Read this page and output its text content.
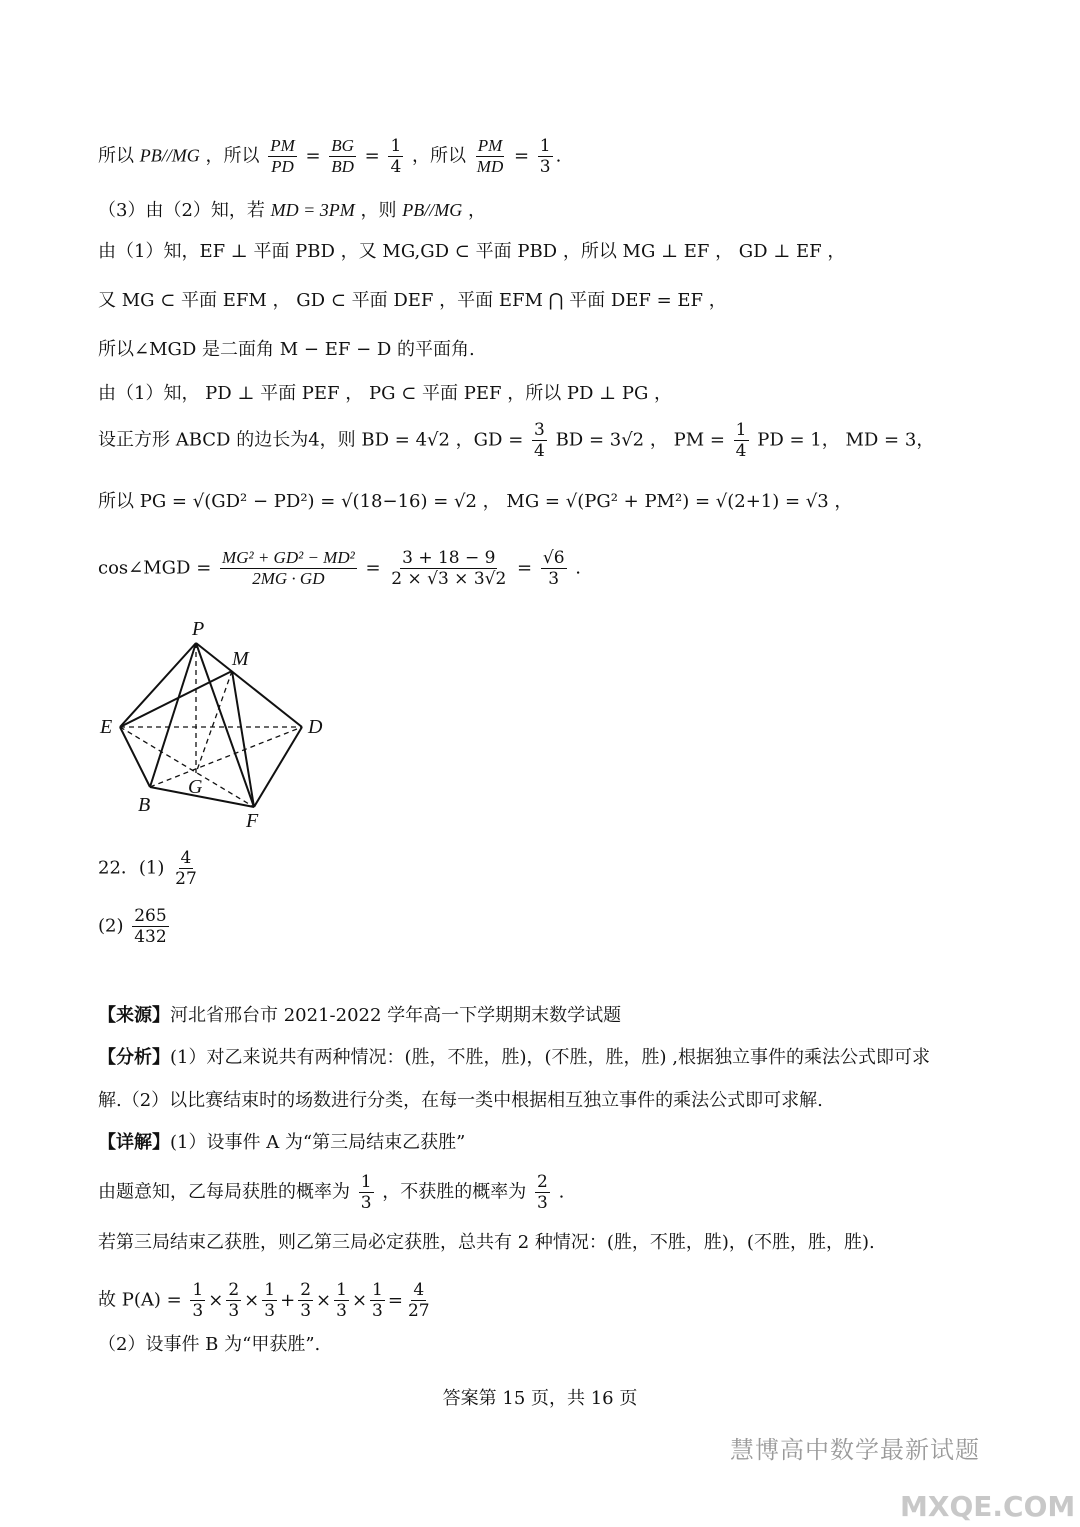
所以 PB//MG ，所以 $\frac{PM}{PD} = \frac{BG}{BD} = \frac{1}{4}$ ，所以 $\frac{PM}{MD} = \frac{1}{3}$ .
（3）由（2）知，若 MD = 3PM ，则 PB//MG ，
由（1）知，EF ⊥ 平面 PBD ，又 MG,GD ⊂ 平面 PBD ，所以 MG ⊥ EF ， GD ⊥ EF ，
又 MG ⊂ 平面 EFM ， GD ⊂ 平面 DEF ，平面 EFM ⋂ 平面 DEF = EF ，
所以∠MGD 是二面角 M − EF − D 的平面角.
由（1）知， PD ⊥ 平面 PEF ， PG ⊂ 平面 PEF ，所以 PD ⊥ PG ，
设正方形 ABCD 的边长为4，则 BD = 4√2 ，GD = $\frac{3}{4}$ BD = 3√2 ， PM = $\frac{1}{4}$ PD = 1， MD = 3，
所以 PG = √(GD² − PD²) = √(18−16) = √2 ， MG = √(PG² + PM²) = √(2+1) = √3 ，
cos∠MGD = $\frac{\text{MG² + GD² − MD²}}{2MG \cdot GD} = \frac{3 + 18 - 9}{2 \times √3 \times 3√2} = \frac{√6}{3}$ .
P
M
E	D
G
B
F
22．$(1) \frac{4}{27}$
$(2) \frac{265}{432}$
【来源】河北省邢台市 2021-2022 学年高一下学期期末数学试题
【分析】(1）对乙来说共有两种情况：(胜，不胜，胜)，(不胜，胜，胜) ,根据独立事件的乘法公式即可求
解.（2）以比赛结束时的场数进行分类，在每一类中根据相互独立事件的乘法公式即可求解.
【详解】(1）设事件 A 为“第三局结束乙获胜”
由题意知，乙每局获胜的概率为 $\frac{1}{3}$ ，不获胜的概率为 $\frac{2}{3}$ .
若第三局结束乙获胜，则乙第三局必定获胜，总共有 2 种情况：(胜，不胜，胜)，(不胜，胜，胜).
故 $P(A) = \frac{1}{3} \times \frac{2}{3} \times \frac{1}{3} + \frac{2}{3} \times \frac{1}{3} \times \frac{1}{3} = \frac{4}{27}$
（2）设事件 B 为“甲获胜”.
答案第 15 页，共 16 页
慧博高中数学最新试题
MXQE.COM
